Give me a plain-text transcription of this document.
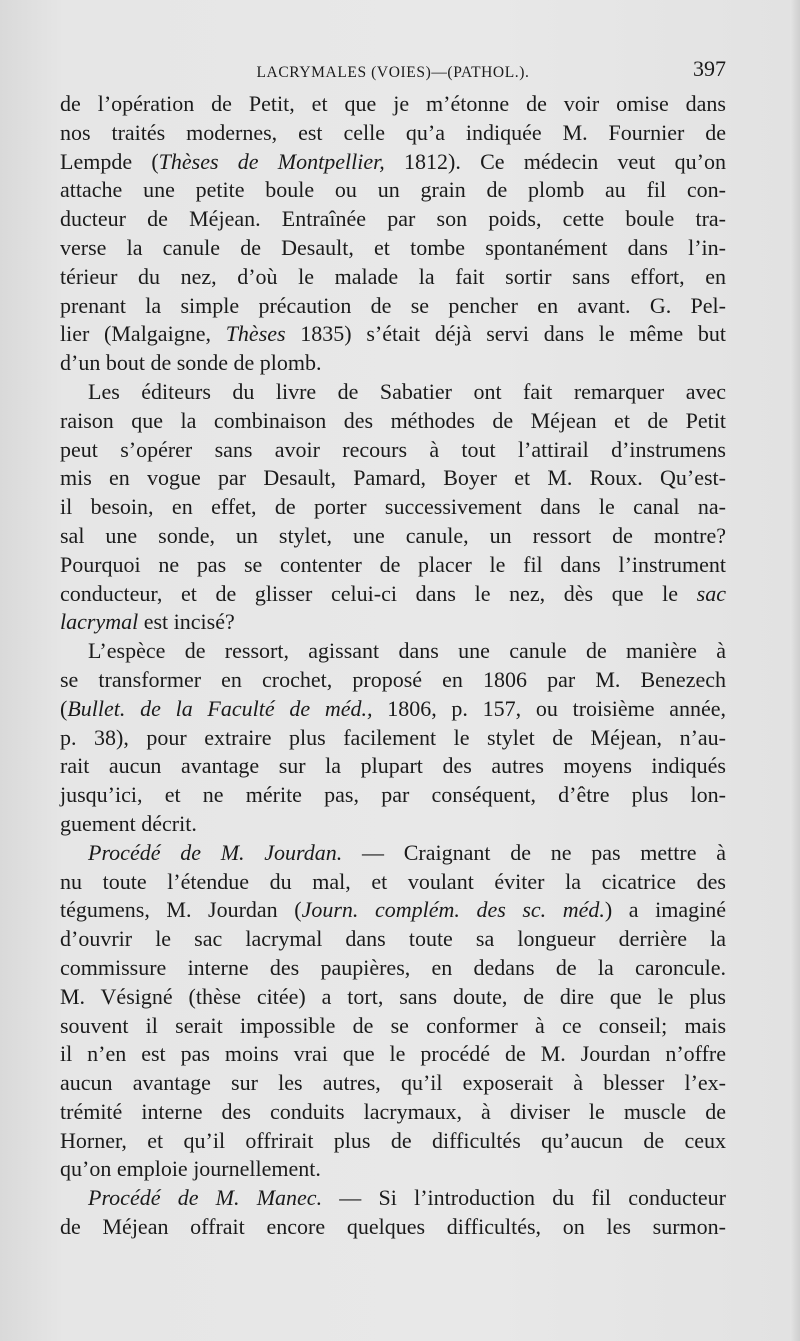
LACRYMALES (VOIES)—(PATHOL.).	397
de l’opération de Petit, et que je m’étonne de voir omise dans
nos traités modernes, est celle qu’a indiquée M. Fournier de
Lempde (Thèses de Montpellier, 1812). Ce médecin veut qu’on
attache une petite boule ou un grain de plomb au fil con-
ducteur de Méjean. Entraînée par son poids, cette boule tra-
verse la canule de Desault, et tombe spontanément dans l’in-
térieur du nez, d’où le malade la fait sortir sans effort, en
prenant la simple précaution de se pencher en avant. G. Pel-
lier (Malgaigne, Thèses 1835) s’était déjà servi dans le même but
d’un bout de sonde de plomb.
Les éditeurs du livre de Sabatier ont fait remarquer avec
raison que la combinaison des méthodes de Méjean et de Petit
peut s’opérer sans avoir recours à tout l’attirail d’instrumens
mis en vogue par Desault, Pamard, Boyer et M. Roux. Qu’est-
il besoin, en effet, de porter successivement dans le canal na-
sal une sonde, un stylet, une canule, un ressort de montre?
Pourquoi ne pas se contenter de placer le fil dans l’instrument
conducteur, et de glisser celui-ci dans le nez, dès que le sac
lacrymal est incisé?
L’espèce de ressort, agissant dans une canule de manière à
se transformer en crochet, proposé en 1806 par M. Benezech
(Bullet. de la Faculté de méd., 1806, p. 157, ou troisième année,
p. 38), pour extraire plus facilement le stylet de Méjean, n’au-
rait aucun avantage sur la plupart des autres moyens indiqués
jusqu’ici, et ne mérite pas, par conséquent, d’être plus lon-
guement décrit.
Procédé de M. Jourdan. — Craignant de ne pas mettre à
nu toute l’étendue du mal, et voulant éviter la cicatrice des
tégumens, M. Jourdan (Journ. complém. des sc. méd.) a imaginé
d’ouvrir le sac lacrymal dans toute sa longueur derrière la
commissure interne des paupières, en dedans de la caroncule.
M. Vésigné (thèse citée) a tort, sans doute, de dire que le plus
souvent il serait impossible de se conformer à ce conseil; mais
il n’en est pas moins vrai que le procédé de M. Jourdan n’offre
aucun avantage sur les autres, qu’il exposerait à blesser l’ex-
trémité interne des conduits lacrymaux, à diviser le muscle de
Horner, et qu’il offrirait plus de difficultés qu’aucun de ceux
qu’on emploie journellement.
Procédé de M. Manec. — Si l’introduction du fil conducteur
de Méjean offrait encore quelques difficultés, on les surmon-
